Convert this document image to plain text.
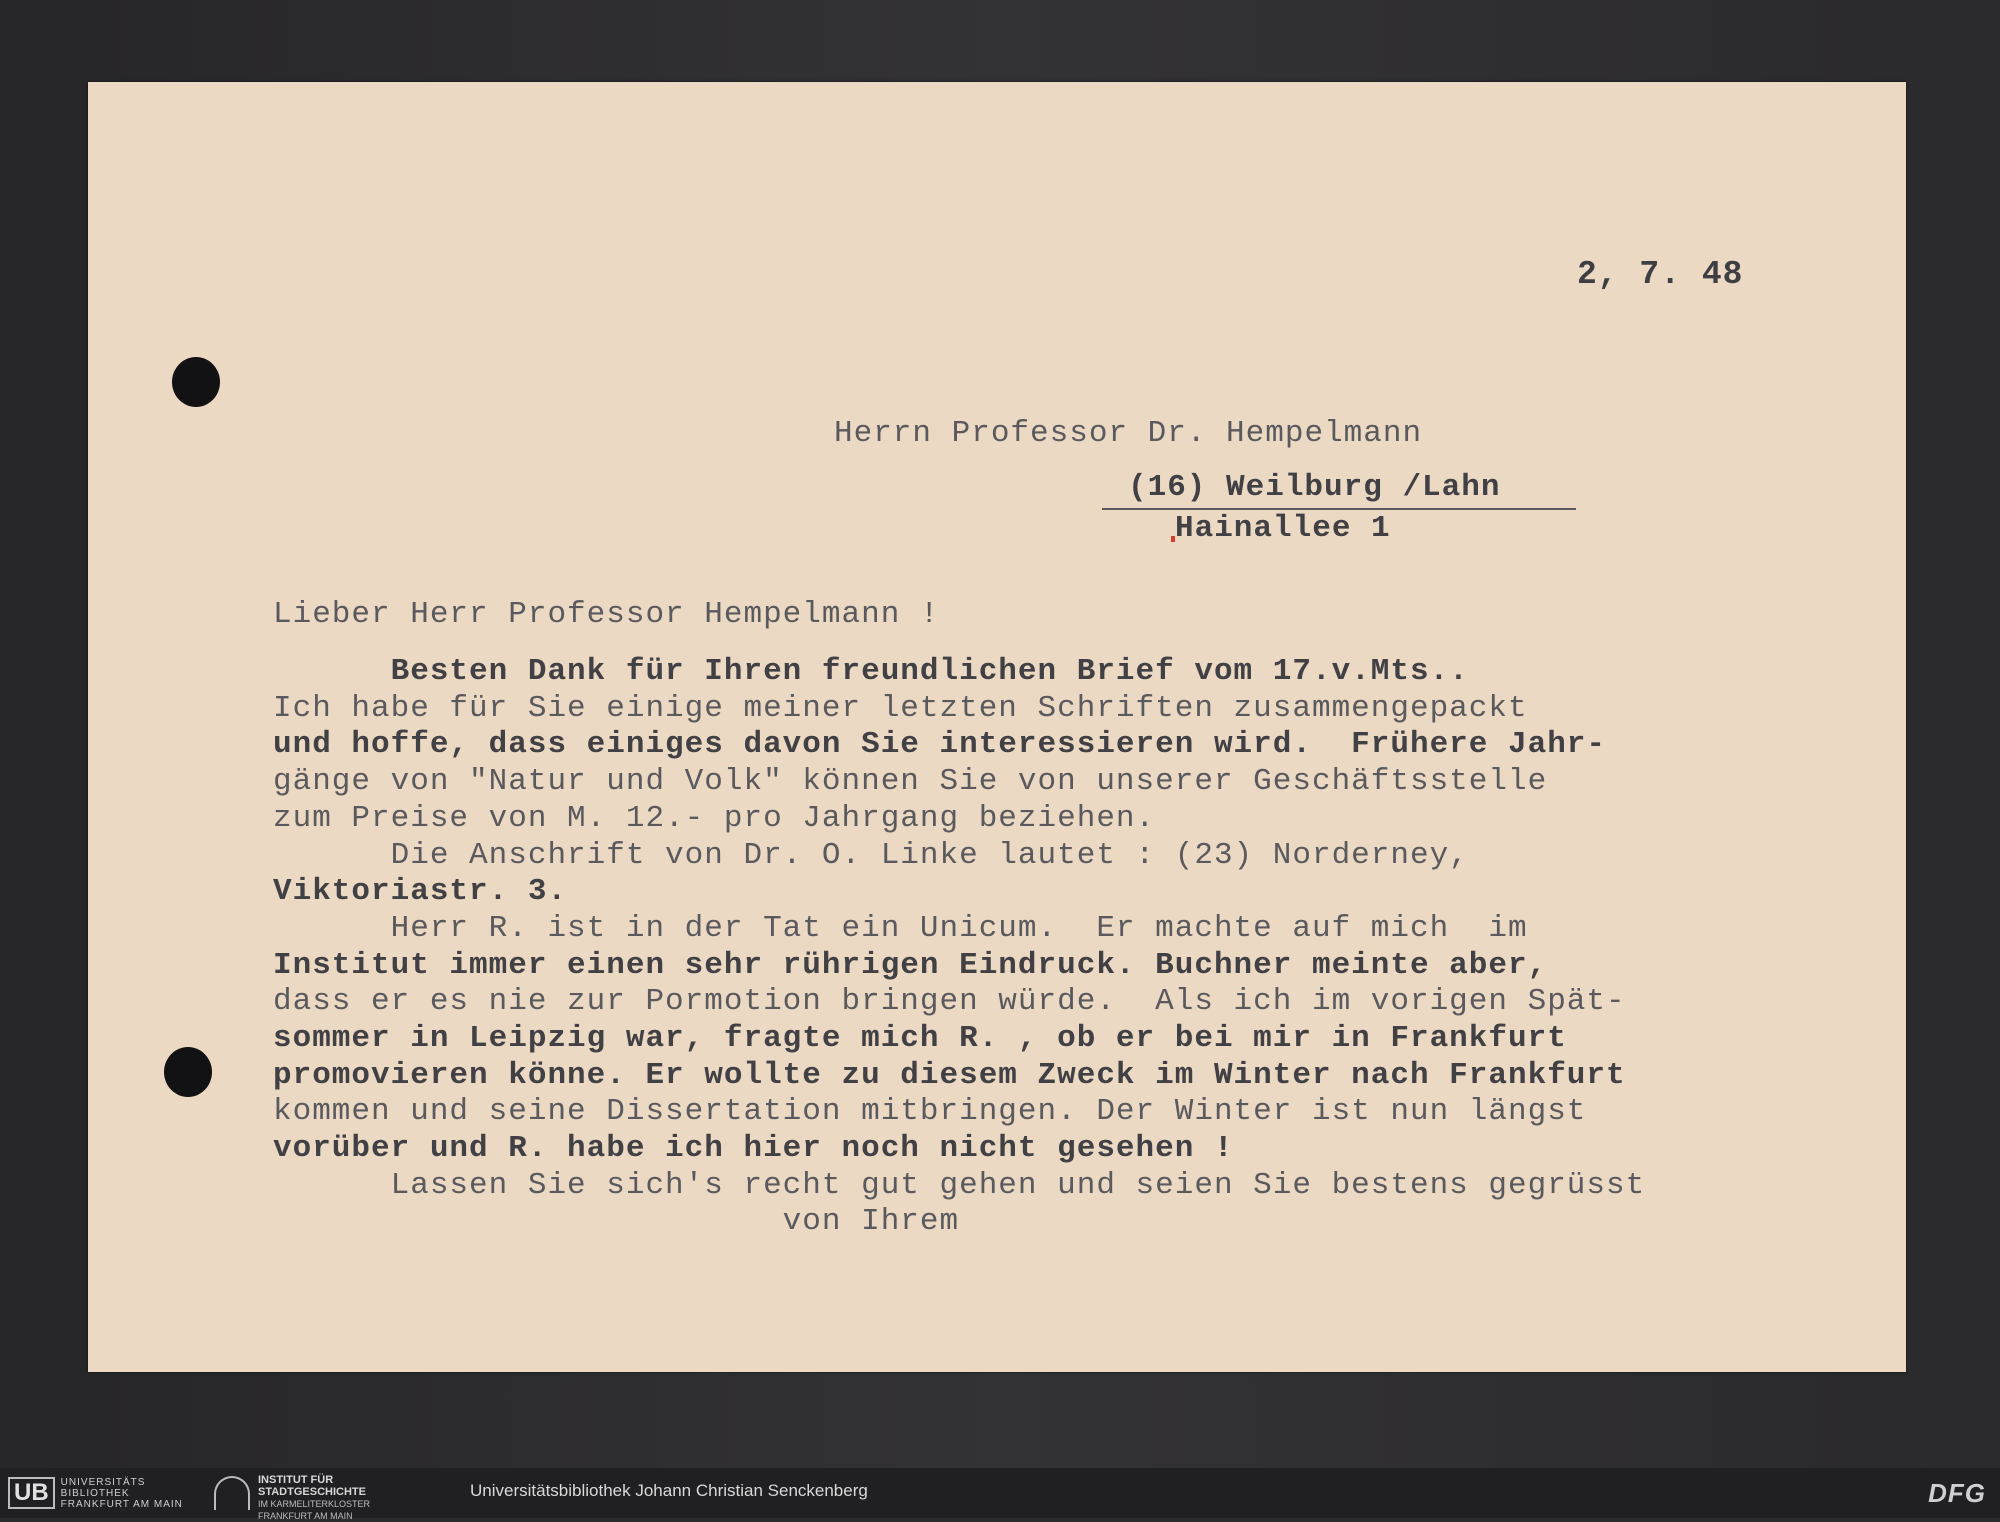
2, 7. 48
Herrn Professor Dr. Hempelmann
(16) Weilburg /Lahn
Hainallee 1
Lieber Herr Professor Hempelmann !
Besten Dank für Ihren freundlichen Brief vom 17.v.Mts..
Ich habe für Sie einige meiner letzten Schriften zusammengepackt
und hoffe, dass einiges davon Sie interessieren wird.  Frühere Jahr-
gänge von "Natur und Volk" können Sie von unserer Geschäftsstelle
zum Preise von M. 12.- pro Jahrgang beziehen.
Die Anschrift von Dr. O. Linke lautet : (23) Norderney,
Viktoriastr. 3.
Herr R. ist in der Tat ein Unicum.  Er machte auf mich  im
Institut immer einen sehr rührigen Eindruck. Buchner meinte aber,
dass er es nie zur Pormotion bringen würde.  Als ich im vorigen Spät-
sommer in Leipzig war, fragte mich R. , ob er bei mir in Frankfurt
promovieren könne. Er wollte zu diesem Zweck im Winter nach Frankfurt
kommen und seine Dissertation mitbringen. Der Winter ist nun längst
vorüber und R. habe ich hier noch nicht gesehen !
Lassen Sie sich's recht gut gehen und seien Sie bestens gegrüsst
von Ihrem
UB	UNIVERSITÄTS
BIBLIOTHEK
FRANKFURT AM MAIN
INSTITUT FÜR
STADTGESCHICHTE
IM KARMELITERKLOSTER
FRANKFURT AM MAIN
Universitätsbibliothek Johann Christian Senckenberg	DFG
